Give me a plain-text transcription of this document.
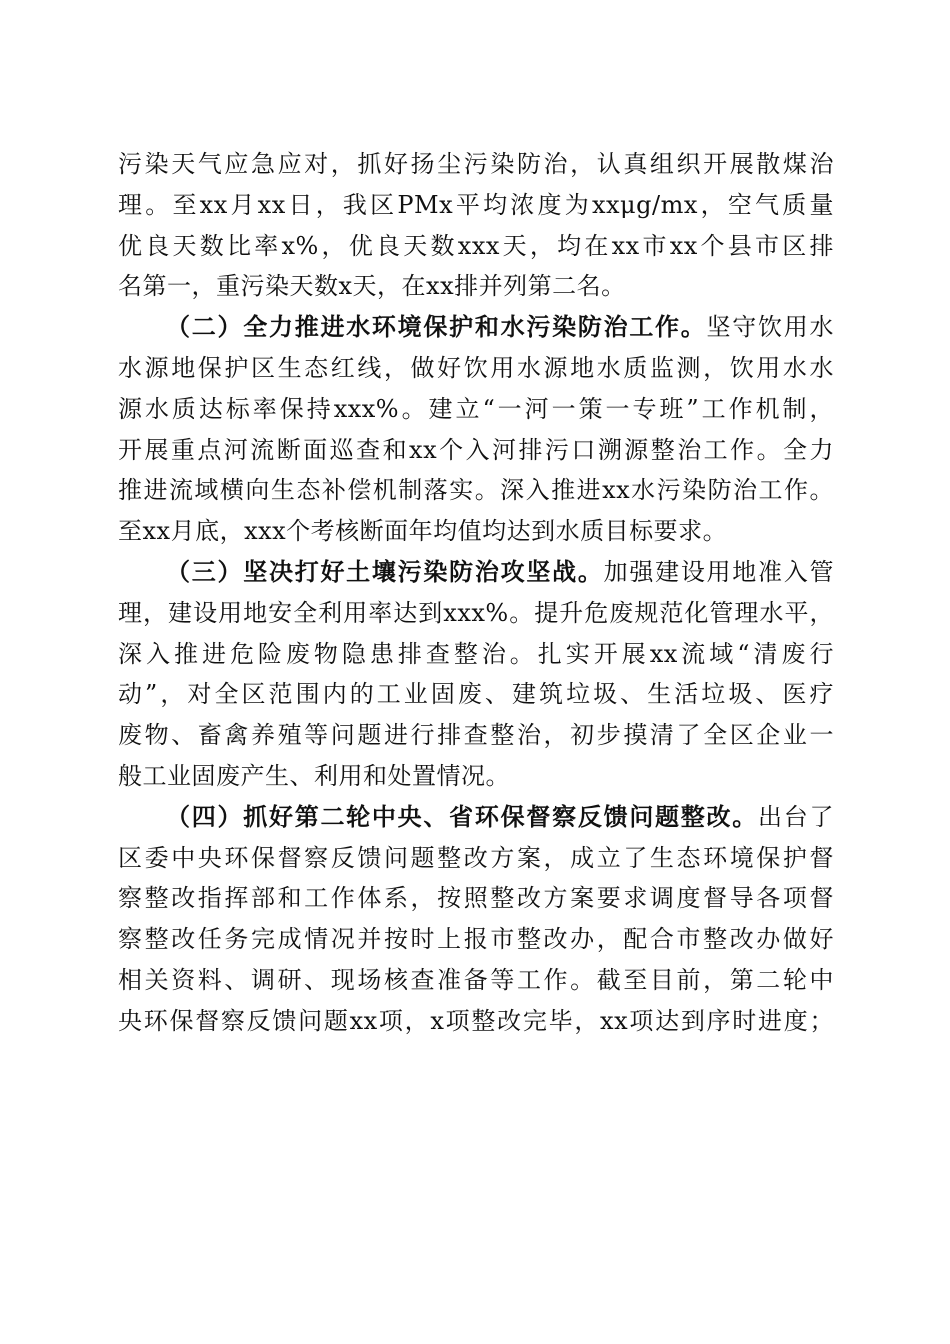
污染天气应急应对，抓好扬尘污染防治，认真组织开展散煤治
理。至xx月xx日，我区PMx平均浓度为xxμg/mx，空气质量
优良天数比率x%，优良天数xxx天，均在xx市xx个县市区排
名第一，重污染天数x天，在xx排并列第二名。
（二）全力推进水环境保护和水污染防治工作。坚守饮用水
水源地保护区生态红线，做好饮用水源地水质监测，饮用水水
源水质达标率保持xxx%。建立“一河一策一专班”工作机制，
开展重点河流断面巡查和xx个入河排污口溯源整治工作。全力
推进流域横向生态补偿机制落实。深入推进xx水污染防治工作。
至xx月底，xxx个考核断面年均值均达到水质目标要求。
（三）坚决打好土壤污染防治攻坚战。加强建设用地准入管
理，建设用地安全利用率达到xxx%。提升危废规范化管理水平，
深入推进危险废物隐患排查整治。扎实开展xx流域“清废行
动”，对全区范围内的工业固废、建筑垃圾、生活垃圾、医疗
废物、畜禽养殖等问题进行排查整治，初步摸清了全区企业一
般工业固废产生、利用和处置情况。
（四）抓好第二轮中央、省环保督察反馈问题整改。出台了
区委中央环保督察反馈问题整改方案，成立了生态环境保护督
察整改指挥部和工作体系，按照整改方案要求调度督导各项督
察整改任务完成情况并按时上报市整改办，配合市整改办做好
相关资料、调研、现场核查准备等工作。截至目前，第二轮中
央环保督察反馈问题xx项，x项整改完毕，xx项达到序时进度；
